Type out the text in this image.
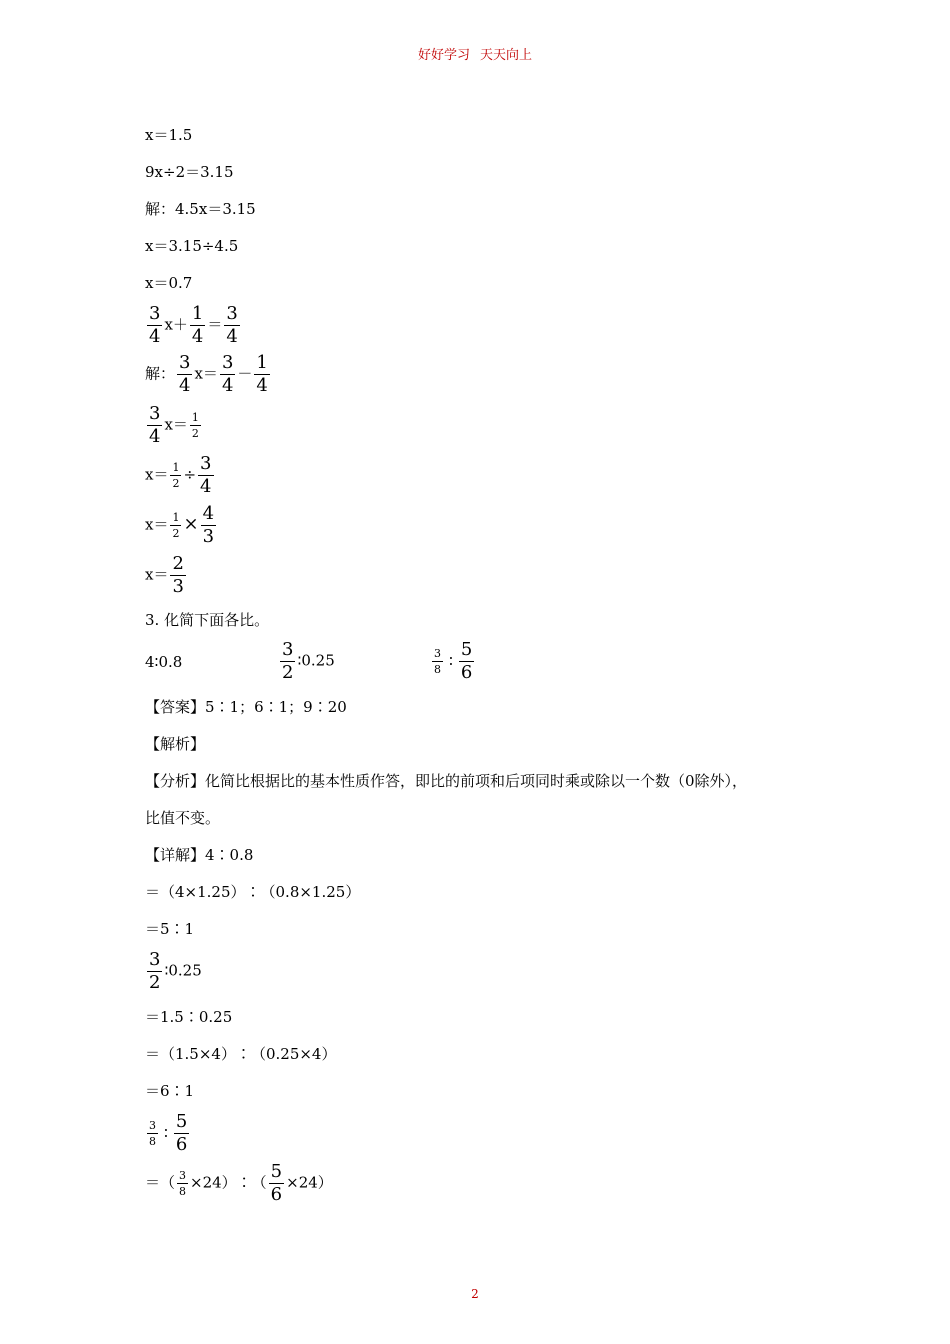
好好学习 天天向上
x＝1.5
9x÷2＝3.15
解：4.5x＝3.15
x＝3.15÷4.5
x＝0.7
$\frac{3}{4} x+ \frac{1}{4} = \frac{3}{4}$
解： $\frac{3}{4} x= \frac{3}{4} - \frac{1}{4}$
$\frac{3}{4} x= \frac{1}{2}$
$x= \frac{1}{2} \div \frac{3}{4}$
$x= \frac{1}{2} \times \frac{4}{3}$
$x= \frac{2}{3}$
3. 化简下面各比。
4∶0.8	$\frac{3}{2}$ ∶0.25	$\frac{3}{8}$ ∶ $\frac{5}{6}$
【答案】5∶1；6∶1；9∶20
【解析】
【分析】化简比根据比的基本性质作答，即比的前项和后项同时乘或除以一个数（0除外），
比值不变。
【详解】4∶0.8
＝（4×1.25）∶（0.8×1.25）
＝5∶1
$\frac{3}{2}$ ∶0.25
＝1.5∶0.25
＝（1.5×4）∶（0.25×4）
＝6∶1
$\frac{3}{8}$ ∶ $\frac{5}{6}$
＝（ $\frac{3}{8}$ ×24）∶（ $\frac{5}{6} \times 24$）
2
